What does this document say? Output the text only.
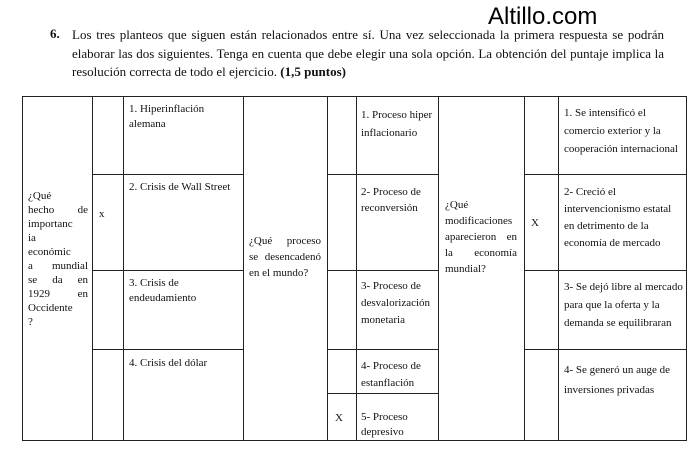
Altillo.com
6. Los tres planteos que siguen están relacionados entre sí. Una vez seleccionada la primera respuesta se podrán elaborar las dos siguientes. Tenga en cuenta que debe elegir una sola opción. La obtención del puntaje implica la resolución correcta de todo el ejercicio. (1,5 puntos)
¿Qué
hecho de
importanc
ia
económic
a mundial
se da en
1929 en
Occidente
?
x
1. Hiperinflación alemana
2. Crisis de Wall Street
3. Crisis de endeudamiento
4. Crisis del dólar
¿Qué proceso se desencadenó en el mundo?
X
1. Proceso hiper inflacionario
2- Proceso de reconversión
3- Proceso de desvalorización monetaria
4- Proceso de estanflación
5- Proceso depresivo
¿Qué modificaciones aparecieron en la economía mundial?
X
1. Se intensificó el comercio exterior y la cooperación internacional
2- Creció el intervencionismo estatal en detrimento de la economía de mercado
3- Se dejó libre al mercado para que la oferta y la demanda se equilibraran
4- Se generó un auge de inversiones privadas
